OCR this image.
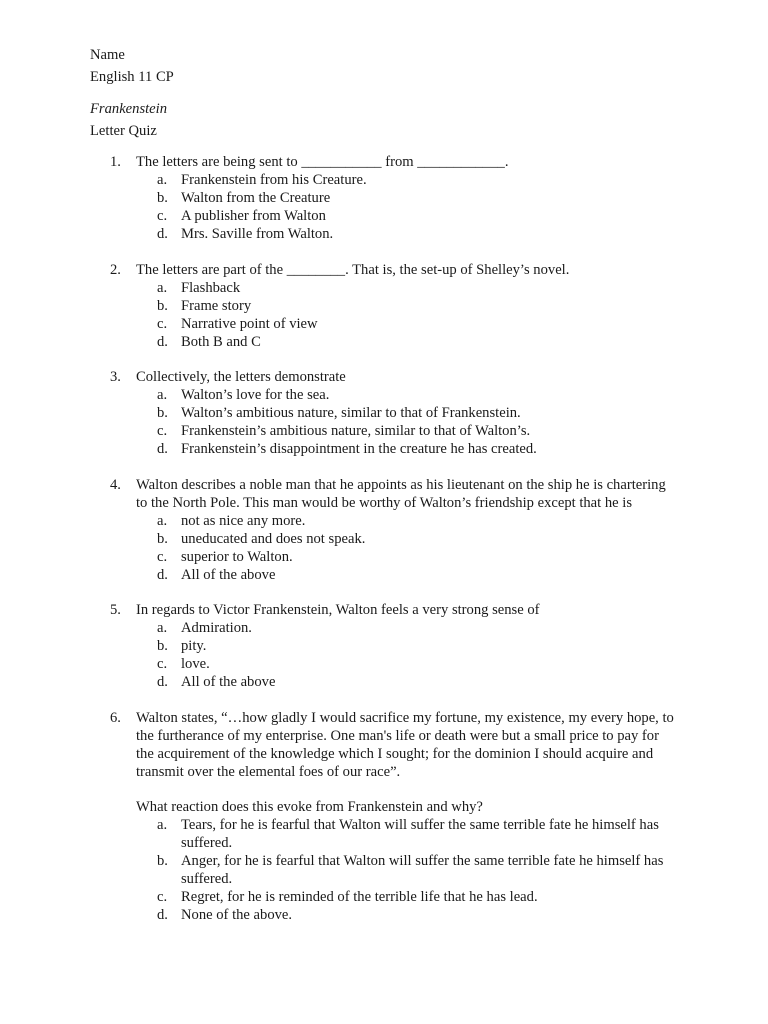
Name
English 11 CP
Frankenstein
Letter Quiz
1. The letters are being sent to ___________ from ____________.
a. Frankenstein from his Creature.
b. Walton from the Creature
c. A publisher from Walton
d. Mrs. Saville from Walton.
2. The letters are part of the ________. That is, the set-up of Shelley’s novel.
a. Flashback
b. Frame story
c. Narrative point of view
d. Both B and C
3. Collectively, the letters demonstrate
a. Walton’s love for the sea.
b. Walton’s ambitious nature, similar to that of Frankenstein.
c. Frankenstein’s ambitious nature, similar to that of Walton’s.
d. Frankenstein’s disappointment in the creature he has created.
4. Walton describes a noble man that he appoints as his lieutenant on the ship he is chartering to the North Pole. This man would be worthy of Walton’s friendship except that he is
a. not as nice any more.
b. uneducated and does not speak.
c. superior to Walton.
d. All of the above
5. In regards to Victor Frankenstein, Walton feels a very strong sense of
a. Admiration.
b. pity.
c. love.
d. All of the above
6. Walton states, “…how gladly I would sacrifice my fortune, my existence, my every hope, to the furtherance of my enterprise. One man's life or death were but a small price to pay for the acquirement of the knowledge which I sought; for the dominion I should acquire and transmit over the elemental foes of our race”.
What reaction does this evoke from Frankenstein and why?
a. Tears, for he is fearful that Walton will suffer the same terrible fate he himself has suffered.
b. Anger, for he is fearful that Walton will suffer the same terrible fate he himself has suffered.
c. Regret, for he is reminded of the terrible life that he has lead.
d. None of the above.
